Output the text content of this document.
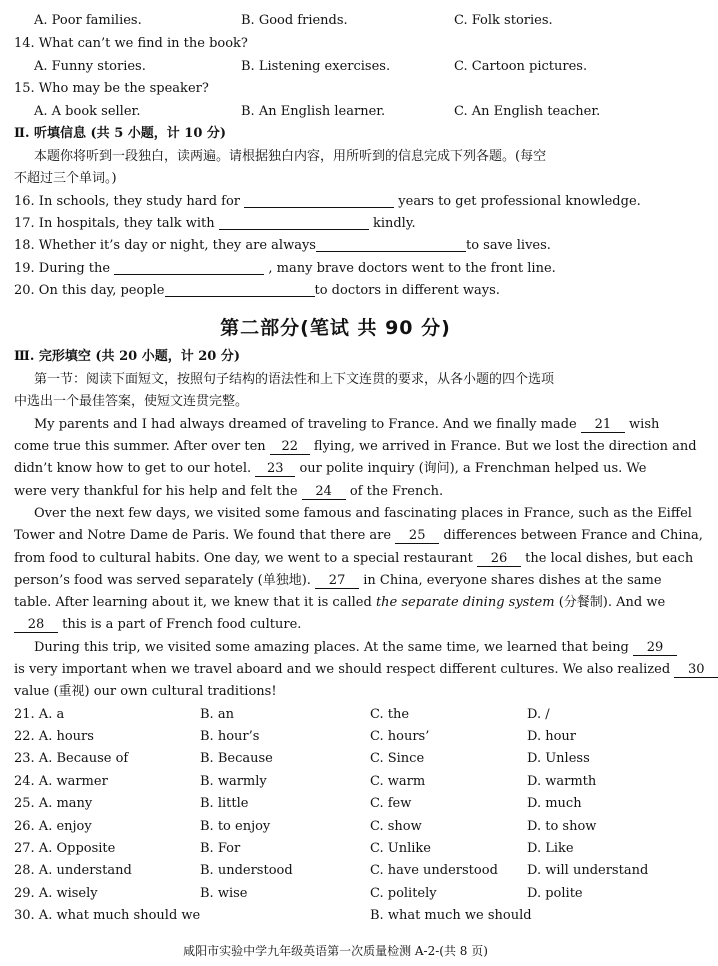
A. Poor families.	B. Good friends.	C. Folk stories.
14. What can’t we find in the book?
A. Funny stories.	B. Listening exercises.	C. Cartoon pictures.
15. Who may be the speaker?
A. A book seller.	B. An English learner.	C. An English teacher.
Ⅱ. 听填信息 (共 5 小题，计 10 分)
本题你将听到一段独白，读两遍。请根据独白内容，用所听到的信息完成下列各题。(每空
不超过三个单词。)
16. In schools, they study hard for	years to get professional knowledge.
17. In hospitals, they talk with	kindly.
18. Whether it’s day or night, they are always	to save lives.
19. During the	, many brave doctors went to the front line.
20. On this day, people	to doctors in different ways.
第二部分(笔试 共 90 分)
Ⅲ. 完形填空 (共 20 小题，计 20 分)
第一节：阅读下面短文，按照句子结构的语法性和上下文连贯的要求，从各小题的四个选项
中选出一个最佳答案，使短文连贯完整。
My parents and I had always dreamed of traveling to France. And we finally made 21 wish
come true this summer. After over ten 22 flying, we arrived in France. But we lost the direction and
didn’t know how to get to our hotel. 23 our polite inquiry (询问), a Frenchman helped us. We
were very thankful for his help and felt the 24 of the French.
Over the next few days, we visited some famous and fascinating places in France, such as the Eiffel
Tower and Notre Dame de Paris. We found that there are 25 differences between France and China,
from food to cultural habits. One day, we went to a special restaurant 26 the local dishes, but each
person’s food was served separately (单独地). 27 in China, everyone shares dishes at the same
table. After learning about it, we knew that it is called the separate dining system (分餐制). And we
28 this is a part of French food culture.
During this trip, we visited some amazing places. At the same time, we learned that being 29
is very important when we travel aboard and we should respect different cultures. We also realized 30
value (重视) our own cultural traditions!
21. A. a	B. an	C. the	D. /
22. A. hours	B. hour’s	C. hours’	D. hour
23. A. Because of	B. Because	C. Since	D. Unless
24. A. warmer	B. warmly	C. warm	D. warmth
25. A. many	B. little	C. few	D. much
26. A. enjoy	B. to enjoy	C. show	D. to show
27. A. Opposite	B. For	C. Unlike	D. Like
28. A. understand	B. understood	C. have understood D. will understand
29. A. wisely	B. wise	C. politely	D. polite
30. A. what much should we	B. what much we should
咸阳市实验中学九年级英语第一次质量检测 A-2-(共 8 页)
